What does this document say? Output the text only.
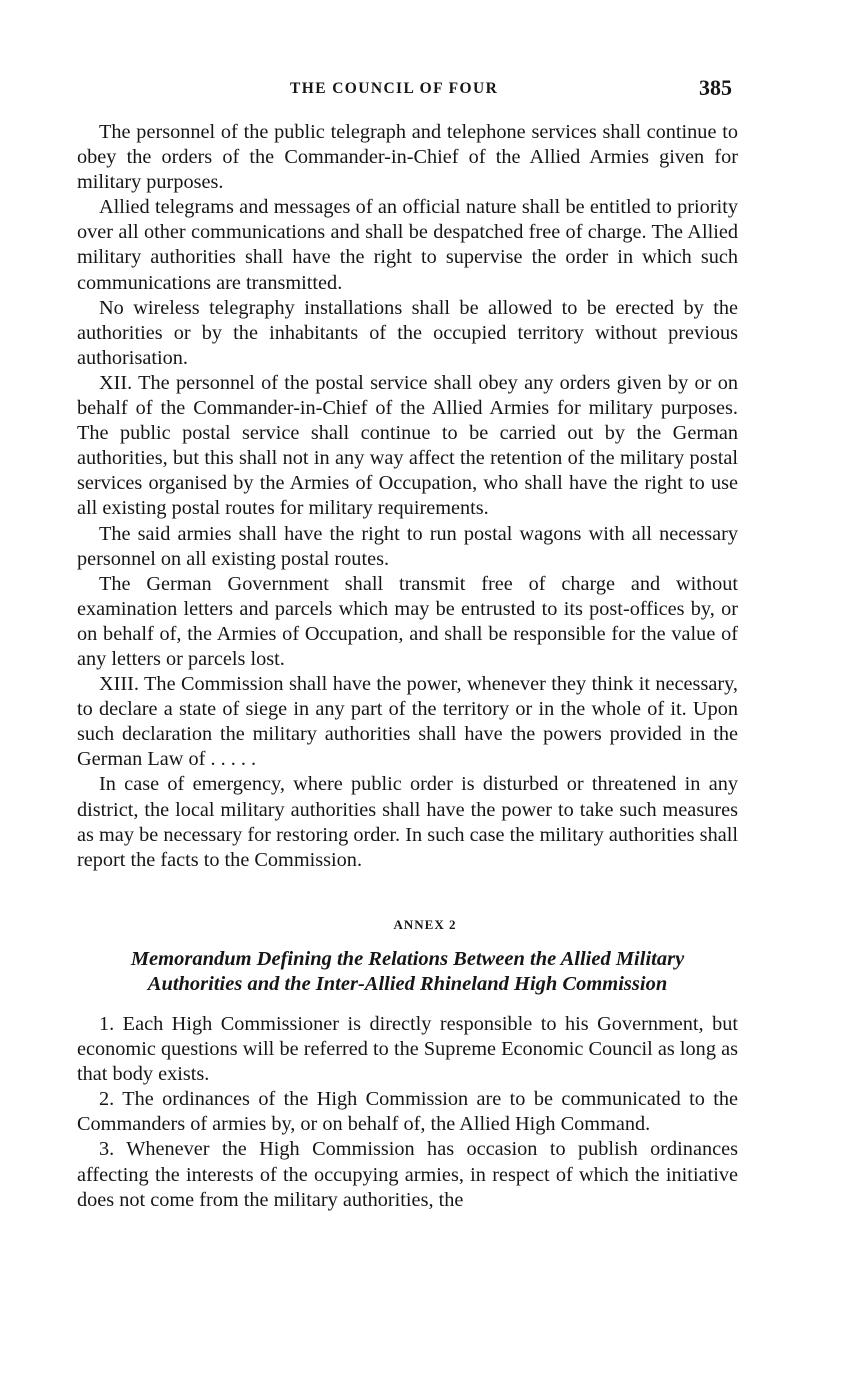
THE COUNCIL OF FOUR	385

The personnel of the public telegraph and telephone services shall continue to obey the orders of the Commander-in-Chief of the Allied Armies given for military purposes.

Allied telegrams and messages of an official nature shall be entitled to priority over all other communications and shall be despatched free of charge. The Allied military authorities shall have the right to supervise the order in which such communications are transmitted.

No wireless telegraphy installations shall be allowed to be erected by the authorities or by the inhabitants of the occupied territory without previous authorisation.

XII. The personnel of the postal service shall obey any orders given by or on behalf of the Commander-in-Chief of the Allied Armies for military purposes. The public postal service shall continue to be carried out by the German authorities, but this shall not in any way affect the retention of the military postal services organised by the Armies of Occupation, who shall have the right to use all existing postal routes for military requirements.

The said armies shall have the right to run postal wagons with all necessary personnel on all existing postal routes.

The German Government shall transmit free of charge and without examination letters and parcels which may be entrusted to its post-offices by, or on behalf of, the Armies of Occupation, and shall be responsible for the value of any letters or parcels lost.

XIII. The Commission shall have the power, whenever they think it necessary, to declare a state of siege in any part of the territory or in the whole of it. Upon such declaration the military authorities shall have the powers provided in the German Law of . . . . .

In case of emergency, where public order is disturbed or threatened in any district, the local military authorities shall have the power to take such measures as may be necessary for restoring order. In such case the military authorities shall report the facts to the Commission.

ANNEX 2
Memorandum Defining the Relations Between the Allied Military
Authorities and the Inter-Allied Rhineland High Commission

1. Each High Commissioner is directly responsible to his Government, but economic questions will be referred to the Supreme Economic Council as long as that body exists.

2. The ordinances of the High Commission are to be communicated to the Commanders of armies by, or on behalf of, the Allied High Command.

3. Whenever the High Commission has occasion to publish ordinances affecting the interests of the occupying armies, in respect of which the initiative does not come from the military authorities, the
